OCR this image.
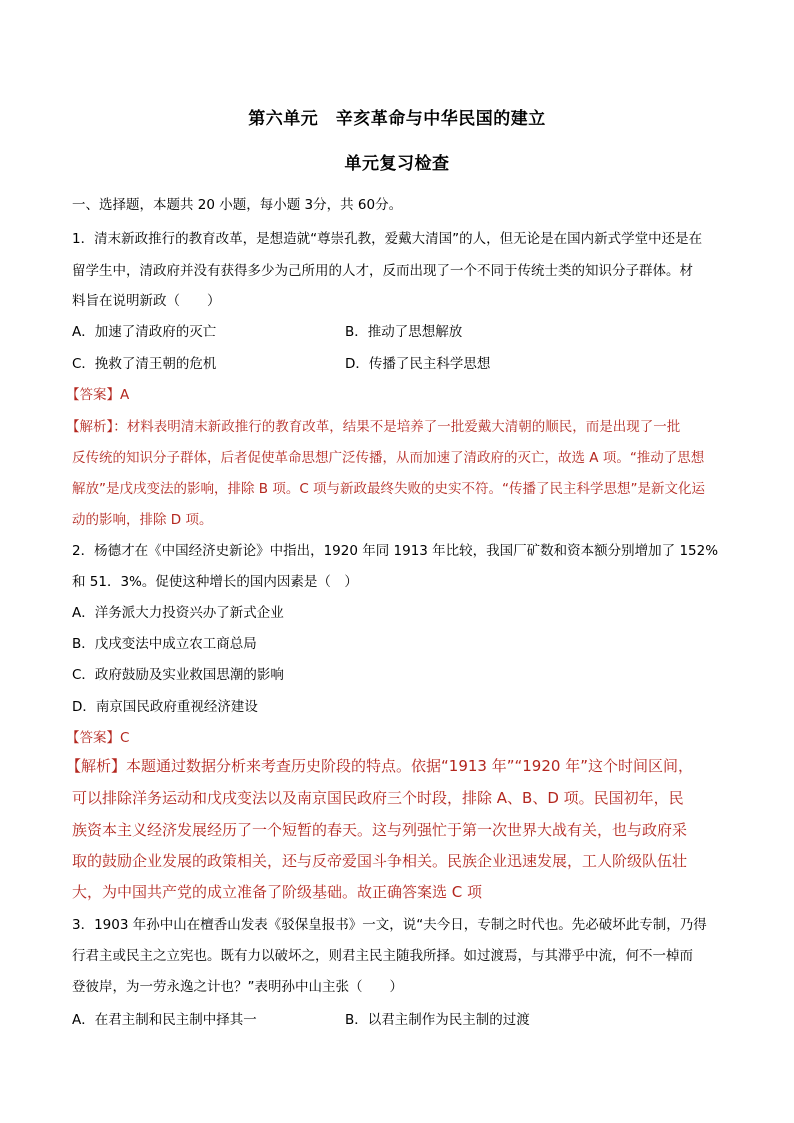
第六单元　辛亥革命与中华民国的建立
单元复习检查
一、选择题，本题共 20 小题，每小题 3分，共 60分。
1．清末新政推行的教育改革，是想造就“尊崇孔教，爱戴大清国”的人，但无论是在国内新式学堂中还是在
留学生中，清政府并没有获得多少为己所用的人才，反而出现了一个不同于传统士类的知识分子群体。材
料旨在说明新政（　　）
A．加速了清政府的灭亡	B．推动了思想解放
C．挽救了清王朝的危机	D．传播了民主科学思想
【答案】A
【解析】：材料表明清末新政推行的教育改革，结果不是培养了一批爱戴大清朝的顺民，而是出现了一批
反传统的知识分子群体，后者促使革命思想广泛传播，从而加速了清政府的灭亡，故选 A 项。“推动了思想
解放”是戊戌变法的影响，排除 B 项。C 项与新政最终失败的史实不符。“传播了民主科学思想”是新文化运
动的影响，排除 D 项。
2．杨德才在《中国经济史新论》中指出，1920 年同 1913 年比较，我国厂矿数和资本额分别增加了 152%
和 51．3%。促使这种增长的国内因素是（　）
A．洋务派大力投资兴办了新式企业
B．戊戌变法中成立农工商总局
C．政府鼓励及实业救国思潮的影响
D．南京国民政府重视经济建设
【答案】C
【解析】本题通过数据分析来考查历史阶段的特点。依据“1913 年”“1920 年”这个时间区间，
可以排除洋务运动和戊戌变法以及南京国民政府三个时段，排除 A、B、D 项。民国初年，民
族资本主义经济发展经历了一个短暂的春天。这与列强忙于第一次世界大战有关，也与政府采
取的鼓励企业发展的政策相关，还与反帝爱国斗争相关。民族企业迅速发展，工人阶级队伍壮
大，为中国共产党的成立准备了阶级基础。故正确答案选 C 项
3．1903 年孙中山在檀香山发表《驳保皇报书》一文，说“夫今日，专制之时代也。先必破坏此专制，乃得
行君主或民主之立宪也。既有力以破坏之，则君主民主随我所择。如过渡焉，与其滞乎中流，何不一棹而
登彼岸，为一劳永逸之计也？”表明孙中山主张（　　）
A．在君主制和民主制中择其一	B．以君主制作为民主制的过渡
